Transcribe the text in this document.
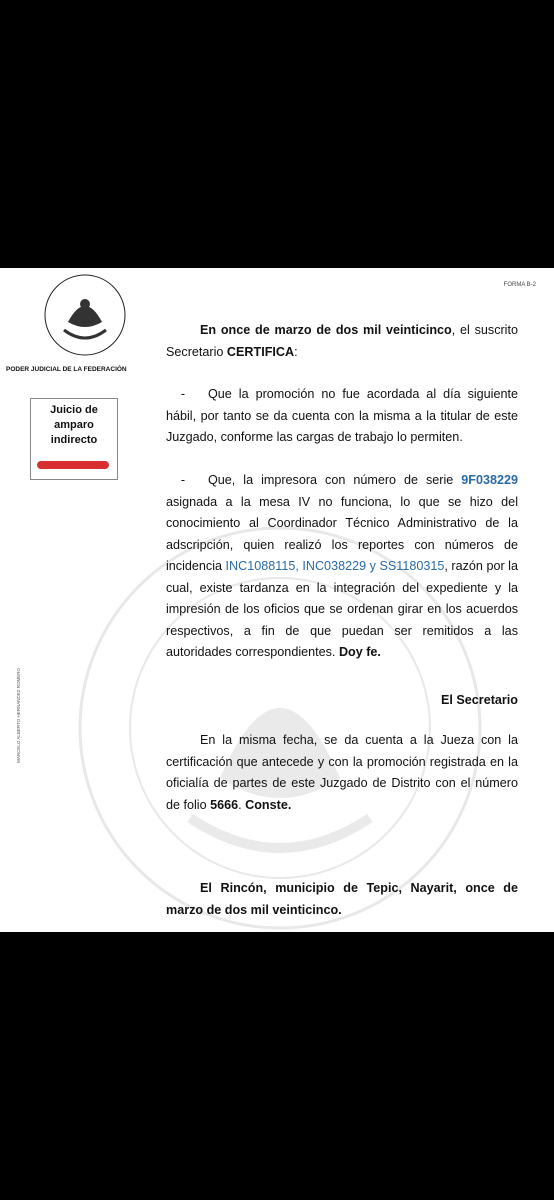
FORMA B-2
PODER JUDICIAL DE LA FEDERACIÓN
Juicio de
amparo
indirecto
MARCELO ALBERTO HERNANDEZ ROMERO
En once de marzo de dos mil veinticinco, el suscrito Secretario CERTIFICA:
- Que la promoción no fue acordada al día siguiente hábil, por tanto se da cuenta con la misma a la titular de este Juzgado, conforme las cargas de trabajo lo permiten.
- Que, la impresora con número de serie 9F038229 asignada a la mesa IV no funciona, lo que se hizo del conocimiento al Coordinador Técnico Administrativo de la adscripción, quien realizó los reportes con números de incidencia INC1088115, INC038229 y SS1180315, razón por la cual, existe tardanza en la integración del expediente y la impresión de los oficios que se ordenan girar en los acuerdos respectivos, a fin de que puedan ser remitidos a las autoridades correspondientes. Doy fe.
El Secretario
En la misma fecha, se da cuenta a la Jueza con la certificación que antecede y con la promoción registrada en la oficialía de partes de este Juzgado de Distrito con el número de folio 5666. Conste.
El Rincón, municipio de Tepic, Nayarit, once de marzo de dos mil veinticinco.
